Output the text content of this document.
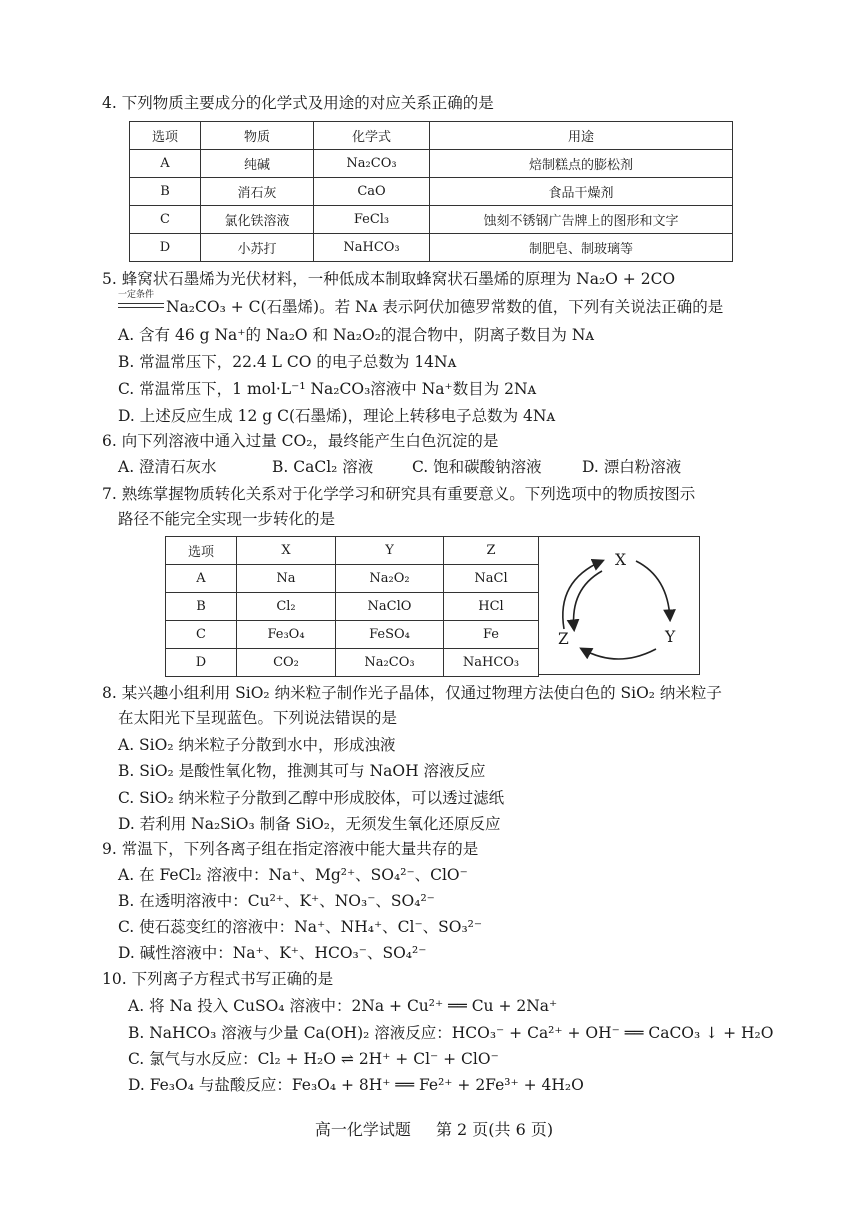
4. 下列物质主要成分的化学式及用途的对应关系正确的是
选项	物质	化学式	用途
A	纯碱	Na₂CO₃	焙制糕点的膨松剂
B	消石灰	CaO	食品干燥剂
C	氯化铁溶液	FeCl₃	蚀刻不锈钢广告牌上的图形和文字
D	小苏打	NaHCO₃	制肥皂、制玻璃等
5. 蜂窝状石墨烯为光伏材料，一种低成本制取蜂窝状石墨烯的原理为 Na₂O + 2CO
一定条件
Na₂CO₃ + C(石墨烯)。若 Nᴀ 表示阿伏加德罗常数的值，下列有关说法正确的是
A. 含有 46 g Na⁺的 Na₂O 和 Na₂O₂的混合物中，阴离子数目为 Nᴀ
B. 常温常压下，22.4 L CO 的电子总数为 14Nᴀ
C. 常温常压下，1 mol·L⁻¹ Na₂CO₃溶液中 Na⁺数目为 2Nᴀ
D. 上述反应生成 12 g C(石墨烯)，理论上转移电子总数为 4Nᴀ
6. 向下列溶液中通入过量 CO₂，最终能产生白色沉淀的是
A. 澄清石灰水	B. CaCl₂ 溶液 C. 饱和碳酸钠溶液	D. 漂白粉溶液
7. 熟练掌握物质转化关系对于化学学习和研究具有重要意义。下列选项中的物质按图示
路径不能完全实现一步转化的是
选项	X	Y	Z
A	Na	Na₂O₂	NaCl
B	Cl₂	NaClO	HCl
C	Fe₃O₄	FeSO₄	Fe
D	CO₂	Na₂CO₃	NaHCO₃
X
Y
Z
8. 某兴趣小组利用 SiO₂ 纳米粒子制作光子晶体，仅通过物理方法使白色的 SiO₂ 纳米粒子
在太阳光下呈现蓝色。下列说法错误的是
A. SiO₂ 纳米粒子分散到水中，形成浊液
B. SiO₂ 是酸性氧化物，推测其可与 NaOH 溶液反应
C. SiO₂ 纳米粒子分散到乙醇中形成胶体，可以透过滤纸
D. 若利用 Na₂SiO₃ 制备 SiO₂，无须发生氧化还原反应
9. 常温下，下列各离子组在指定溶液中能大量共存的是
A. 在 FeCl₂ 溶液中：Na⁺、Mg²⁺、SO₄²⁻、ClO⁻
B. 在透明溶液中：Cu²⁺、K⁺、NO₃⁻、SO₄²⁻
C. 使石蕊变红的溶液中：Na⁺、NH₄⁺、Cl⁻、SO₃²⁻
D. 碱性溶液中：Na⁺、K⁺、HCO₃⁻、SO₄²⁻
10. 下列离子方程式书写正确的是
A. 将 Na 投入 CuSO₄ 溶液中：2Na + Cu²⁺ ══ Cu + 2Na⁺
B. NaHCO₃ 溶液与少量 Ca(OH)₂ 溶液反应：HCO₃⁻ + Ca²⁺ + OH⁻ ══ CaCO₃ ↓ + H₂O
C. 氯气与水反应：Cl₂ + H₂O ⇌ 2H⁺ + Cl⁻ + ClO⁻
D. Fe₃O₄ 与盐酸反应：Fe₃O₄ + 8H⁺ ══ Fe²⁺ + 2Fe³⁺ + 4H₂O
高一化学试题 第 2 页(共 6 页)
